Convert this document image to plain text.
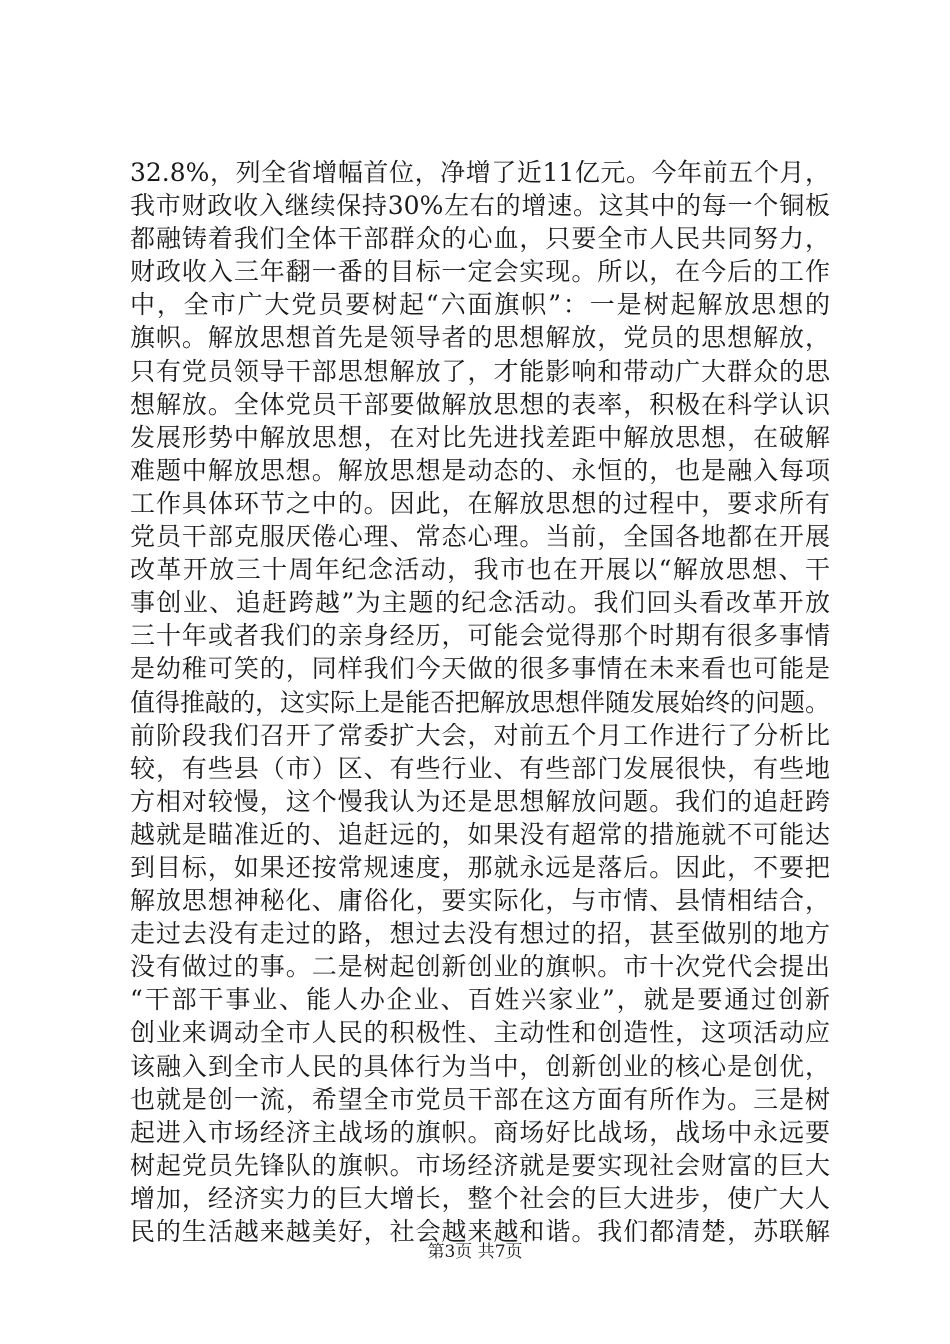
32.8%，列全省增幅首位，净增了近11亿元。今年前五个月，
我市财政收入继续保持30%左右的增速。这其中的每一个铜板
都融铸着我们全体干部群众的心血，只要全市人民共同努力，
财政收入三年翻一番的目标一定会实现。所以，在今后的工作
中，全市广大党员要树起“六面旗帜”：一是树起解放思想的
旗帜。解放思想首先是领导者的思想解放，党员的思想解放，
只有党员领导干部思想解放了，才能影响和带动广大群众的思
想解放。全体党员干部要做解放思想的表率，积极在科学认识
发展形势中解放思想，在对比先进找差距中解放思想，在破解
难题中解放思想。解放思想是动态的、永恒的，也是融入每项
工作具体环节之中的。因此，在解放思想的过程中，要求所有
党员干部克服厌倦心理、常态心理。当前，全国各地都在开展
改革开放三十周年纪念活动，我市也在开展以“解放思想、干
事创业、追赶跨越”为主题的纪念活动。我们回头看改革开放
三十年或者我们的亲身经历，可能会觉得那个时期有很多事情
是幼稚可笑的，同样我们今天做的很多事情在未来看也可能是
值得推敲的，这实际上是能否把解放思想伴随发展始终的问题。
前阶段我们召开了常委扩大会，对前五个月工作进行了分析比
较，有些县（市）区、有些行业、有些部门发展很快，有些地
方相对较慢，这个慢我认为还是思想解放问题。我们的追赶跨
越就是瞄准近的、追赶远的，如果没有超常的措施就不可能达
到目标，如果还按常规速度，那就永远是落后。因此，不要把
解放思想神秘化、庸俗化，要实际化，与市情、县情相结合，
走过去没有走过的路，想过去没有想过的招，甚至做别的地方
没有做过的事。二是树起创新创业的旗帜。市十次党代会提出
“干部干事业、能人办企业、百姓兴家业”，就是要通过创新
创业来调动全市人民的积极性、主动性和创造性，这项活动应
该融入到全市人民的具体行为当中，创新创业的核心是创优，
也就是创一流，希望全市党员干部在这方面有所作为。三是树
起进入市场经济主战场的旗帜。商场好比战场，战场中永远要
树起党员先锋队的旗帜。市场经济就是要实现社会财富的巨大
增加，经济实力的巨大增长，整个社会的巨大进步，使广大人
民的生活越来越美好，社会越来越和谐。我们都清楚，苏联解
第3页 共7页
